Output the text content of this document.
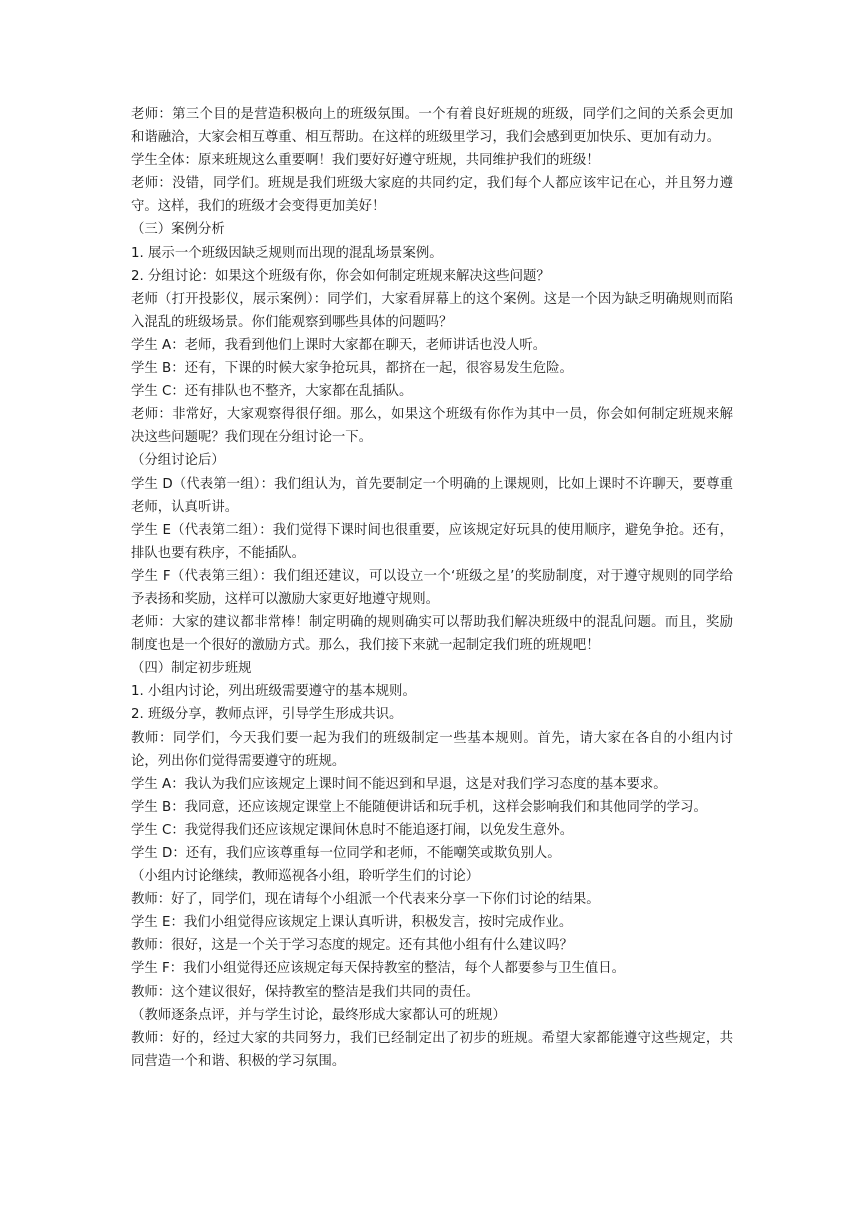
老师：第三个目的是营造积极向上的班级氛围。一个有着良好班规的班级，同学们之间的关系会更加和谐融洽，大家会相互尊重、相互帮助。在这样的班级里学习，我们会感到更加快乐、更加有动力。

学生全体：原来班规这么重要啊！我们要好好遵守班规，共同维护我们的班级！

老师：没错，同学们。班规是我们班级大家庭的共同约定，我们每个人都应该牢记在心，并且努力遵守。这样，我们的班级才会变得更加美好！

（三）案例分析

1. 展示一个班级因缺乏规则而出现的混乱场景案例。

2. 分组讨论：如果这个班级有你，你会如何制定班规来解决这些问题？

老师（打开投影仪，展示案例）：同学们，大家看屏幕上的这个案例。这是一个因为缺乏明确规则而陷入混乱的班级场景。你们能观察到哪些具体的问题吗？

学生 A：老师，我看到他们上课时大家都在聊天，老师讲话也没人听。

学生 B：还有，下课的时候大家争抢玩具，都挤在一起，很容易发生危险。

学生 C：还有排队也不整齐，大家都在乱插队。

老师：非常好，大家观察得很仔细。那么，如果这个班级有你作为其中一员，你会如何制定班规来解决这些问题呢？我们现在分组讨论一下。

（分组讨论后）

学生 D（代表第一组）：我们组认为，首先要制定一个明确的上课规则，比如上课时不许聊天，要尊重老师，认真听讲。

学生 E（代表第二组）：我们觉得下课时间也很重要，应该规定好玩具的使用顺序，避免争抢。还有，排队也要有秩序，不能插队。

学生 F（代表第三组）：我们组还建议，可以设立一个‘班级之星’的奖励制度，对于遵守规则的同学给予表扬和奖励，这样可以激励大家更好地遵守规则。

老师：大家的建议都非常棒！制定明确的规则确实可以帮助我们解决班级中的混乱问题。而且，奖励制度也是一个很好的激励方式。那么，我们接下来就一起制定我们班的班规吧！

（四）制定初步班规

1. 小组内讨论，列出班级需要遵守的基本规则。

2. 班级分享，教师点评，引导学生形成共识。

教师：同学们，今天我们要一起为我们的班级制定一些基本规则。首先，请大家在各自的小组内讨论，列出你们觉得需要遵守的班规。

学生 A：我认为我们应该规定上课时间不能迟到和早退，这是对我们学习态度的基本要求。

学生 B：我同意，还应该规定课堂上不能随便讲话和玩手机，这样会影响我们和其他同学的学习。

学生 C：我觉得我们还应该规定课间休息时不能追逐打闹，以免发生意外。

学生 D：还有，我们应该尊重每一位同学和老师，不能嘲笑或欺负别人。

（小组内讨论继续，教师巡视各小组，聆听学生们的讨论）

教师：好了，同学们，现在请每个小组派一个代表来分享一下你们讨论的结果。

学生 E：我们小组觉得应该规定上课认真听讲，积极发言，按时完成作业。

教师：很好，这是一个关于学习态度的规定。还有其他小组有什么建议吗？

学生 F：我们小组觉得还应该规定每天保持教室的整洁，每个人都要参与卫生值日。

教师：这个建议很好，保持教室的整洁是我们共同的责任。

（教师逐条点评，并与学生讨论，最终形成大家都认可的班规）

教师：好的，经过大家的共同努力，我们已经制定出了初步的班规。希望大家都能遵守这些规定，共同营造一个和谐、积极的学习氛围。
